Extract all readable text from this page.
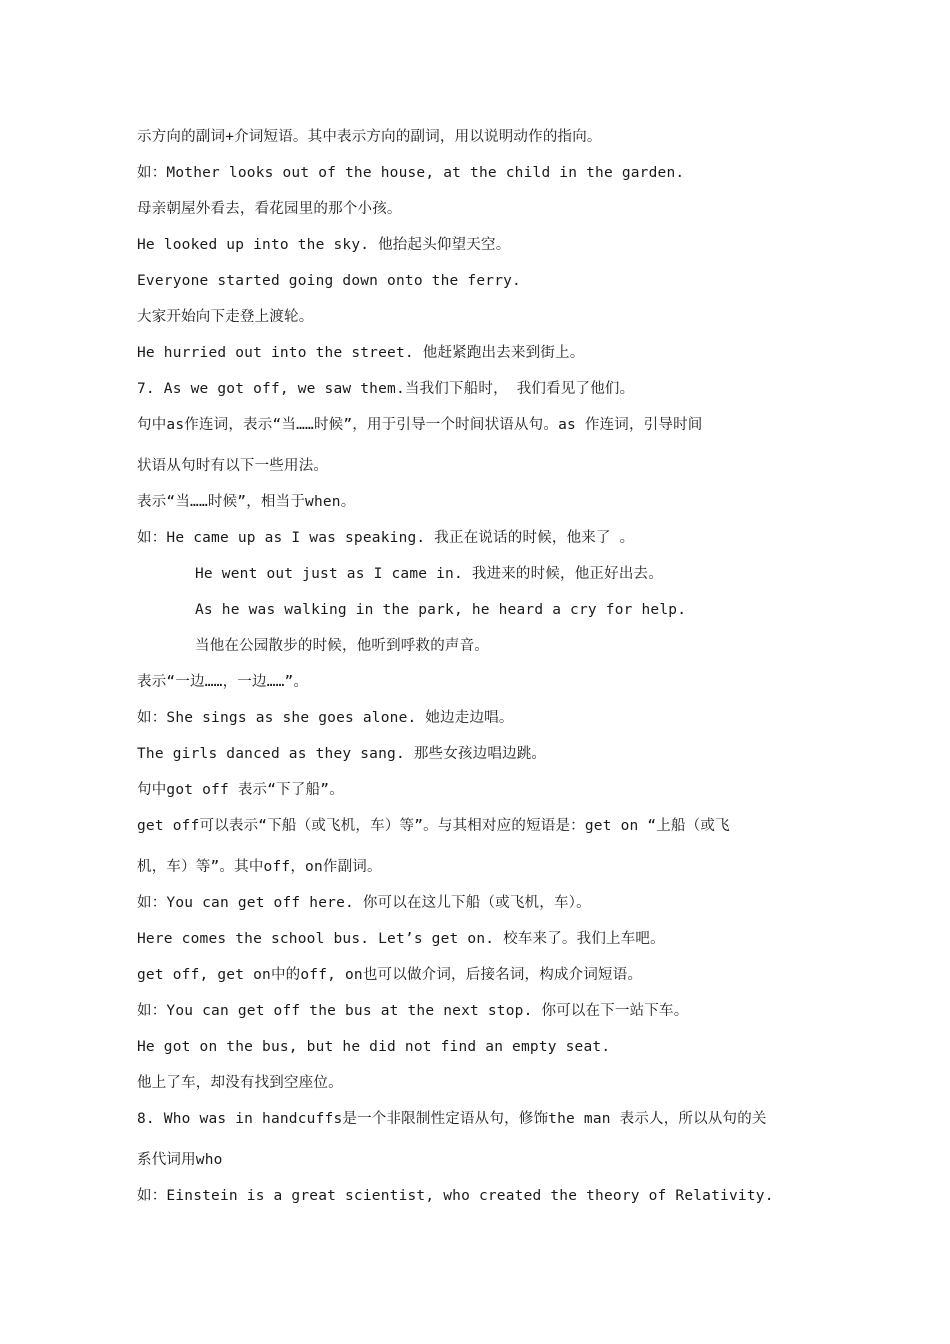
示方向的副词+介词短语。其中表示方向的副词，用以说明动作的指向。
如：Mother looks out of the house, at the child in the garden.
母亲朝屋外看去，看花园里的那个小孩。
He looked up into the sky. 他抬起头仰望天空。
Everyone started going down onto the ferry.
大家开始向下走登上渡轮。
He hurried out into the street. 他赶紧跑出去来到街上。
7. As we got off, we saw them.当我们下船时， 我们看见了他们。
句中as作连词，表示“当……时候”，用于引导一个时间状语从句。as 作连词，引导时间
状语从句时有以下一些用法。
表示“当……时候”，相当于when。
如：He came up as I was speaking. 我正在说话的时候，他来了 。
He went out just as I came in. 我进来的时候，他正好出去。
As he was walking in the park, he heard a cry for help.
当他在公园散步的时候，他听到呼救的声音。
表示“一边……，一边……”。
如：She sings as she goes alone. 她边走边唱。
The girls danced as they sang. 那些女孩边唱边跳。
句中got off 表示“下了船”。
get off可以表示“下船（或飞机，车）等”。与其相对应的短语是：get on “上船（或飞
机，车）等”。其中off，on作副词。
如：You can get off here. 你可以在这儿下船（或飞机，车）。
Here comes the school bus. Let’s get on. 校车来了。我们上车吧。
get off, get on中的off, on也可以做介词，后接名词，构成介词短语。
如：You can get off the bus at the next stop. 你可以在下一站下车。
He got on the bus, but he did not find an empty seat.
他上了车，却没有找到空座位。
8. Who was in handcuffs是一个非限制性定语从句，修饰the man 表示人，所以从句的关
系代词用who
如：Einstein is a great scientist, who created the theory of Relativity.
